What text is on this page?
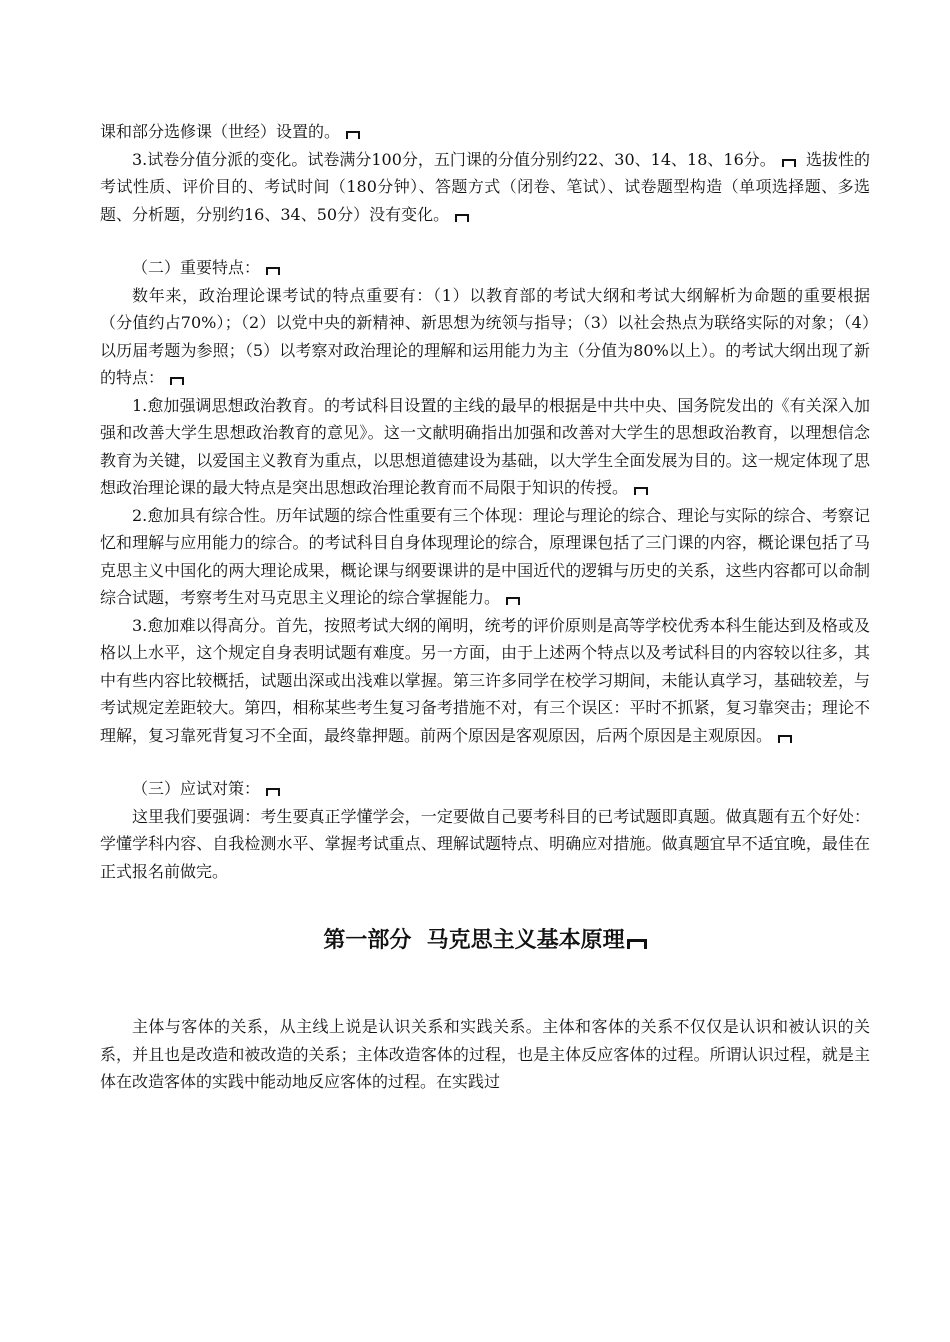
课和部分选修课（世经）设置的。

3.试卷分值分派的变化。试卷满分100分，五门课的分值分别约22、30、14、18、16分。 选拔性的考试性质、评价目的、考试时间（180分钟）、答题方式（闭卷、笔试）、试卷题型构造（单项选择题、多选题、分析题，分别约16、34、50分）没有变化。

（二）重要特点：

数年来，政治理论课考试的特点重要有：（1）以教育部的考试大纲和考试大纲解析为命题的重要根据（分值约占70%）；（2）以党中央的新精神、新思想为统领与指导；（3）以社会热点为联络实际的对象；（4）以历届考题为参照；（5）以考察对政治理论的理解和运用能力为主（分值为80%以上）。的考试大纲出现了新的特点：

1.愈加强调思想政治教育。的考试科目设置的主线的最早的根据是中共中央、国务院发出的《有关深入加强和改善大学生思想政治教育的意见》。这一文献明确指出加强和改善对大学生的思想政治教育，以理想信念教育为关键，以爱国主义教育为重点，以思想道德建设为基础，以大学生全面发展为目的。这一规定体现了思想政治理论课的最大特点是突出思想政治理论教育而不局限于知识的传授。

2.愈加具有综合性。历年试题的综合性重要有三个体现：理论与理论的综合、理论与实际的综合、考察记忆和理解与应用能力的综合。的考试科目自身体现理论的综合，原理课包括了三门课的内容，概论课包括了马克思主义中国化的两大理论成果，概论课与纲要课讲的是中国近代的逻辑与历史的关系，这些内容都可以命制综合试题，考察考生对马克思主义理论的综合掌握能力。

3.愈加难以得高分。首先，按照考试大纲的阐明，统考的评价原则是高等学校优秀本科生能达到及格或及格以上水平，这个规定自身表明试题有难度。另一方面，由于上述两个特点以及考试科目的内容较以往多，其中有些内容比较概括，试题出深或出浅难以掌握。第三许多同学在校学习期间，未能认真学习，基础较差，与考试规定差距较大。第四，相称某些考生复习备考措施不对，有三个误区：平时不抓紧，复习靠突击；理论不理解，复习靠死背复习不全面，最终靠押题。前两个原因是客观原因，后两个原因是主观原因。

（三）应试对策：

这里我们要强调：考生要真正学懂学会，一定要做自己要考科目的已考试题即真题。做真题有五个好处：学懂学科内容、自我检测水平、掌握考试重点、理解试题特点、明确应对措施。做真题宜早不适宜晚，最佳在正式报名前做完。

第一部分  马克思主义基本原理

主体与客体的关系，从主线上说是认识关系和实践关系。主体和客体的关系不仅仅是认识和被认识的关系，并且也是改造和被改造的关系；主体改造客体的过程，也是主体反应客体的过程。所谓认识过程，就是主体在改造客体的实践中能动地反应客体的过程。在实践过
